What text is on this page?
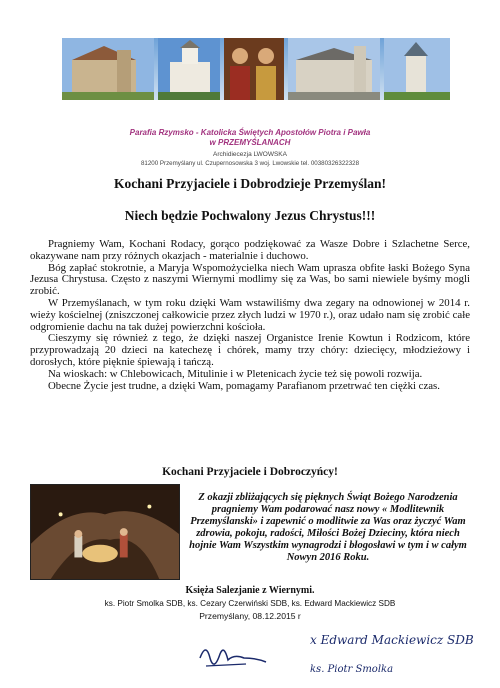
Parafia Rzymsko - Katolicka Świętych Apostołów Piotra i Pawła
w PRZEMYŚLANACH
Archidiecezja LWOWSKA
81200 Przemyślany ul. Czupernosowska 3 woj. Lwowskie tel. 00380326322328
Kochani Przyjaciele i Dobrodzieje Przemyślan!
Niech będzie Pochwalony Jezus Chrystus!!!

Pragniemy Wam, Kochani Rodacy, gorąco podziękować za Wasze Dobre i Szlachetne Serce, okazywane nam przy różnych okazjach - materialnie i duchowo.

Bóg zapłać stokrotnie, a Maryja Wspomożycielka niech Wam uprasza obfite łaski Bożego Syna Jezusa Chrystusa. Często z naszymi Wiernymi modlimy się za Was, bo sami niewiele byśmy mogli zrobić.

W Przemyślanach, w tym roku dzięki Wam wstawiliśmy dwa zegary na odnowionej w 2014 r. wieży kościelnej (zniszczonej całkowicie przez złych ludzi w 1970 r.), oraz udało nam się zrobić całe odgromienie dachu na tak dużej powierzchni kościoła.

Cieszymy się również z tego, że dzięki naszej Organistce Irenie Kowtun i Rodzicom, które przyprowadzają 20 dzieci na katechezę i chórek, mamy trzy chóry: dziecięcy, młodzieżowy i dorosłych, które pięknie śpiewają i tańczą.

Na wioskach: w Chlebowicach, Mitulinie i w Pletenicach życie też się powoli rozwija.

Obecne Życie jest trudne, a dzięki Wam, pomagamy Parafianom przetrwać ten ciężki czas.

Kochani Przyjaciele i Dobroczyńcy!
Z okazji zbliżających się pięknych Świąt Bożego Narodzenia pragniemy Wam podarować nasz nowy « Modlitewnik Przemyślanski» i zapewnić o modlitwie za Was oraz życzyć Wam zdrowia, pokoju, radości, Miłości Bożej Dzieciny, która niech hojnie Wam Wszystkim wynagrodzi i błogosławi w tym i w całym Nowyn 2016 Roku.
Księża Salezjanie z Wiernymi.
ks. Piotr Smolka SDB, ks. Cezary Czerwiński SDB, ks. Edward Mackiewicz SDB
Przemyślany, 08.12.2015 r
x Edward Mackiewicz SDB
ks. Piotr Smolka
